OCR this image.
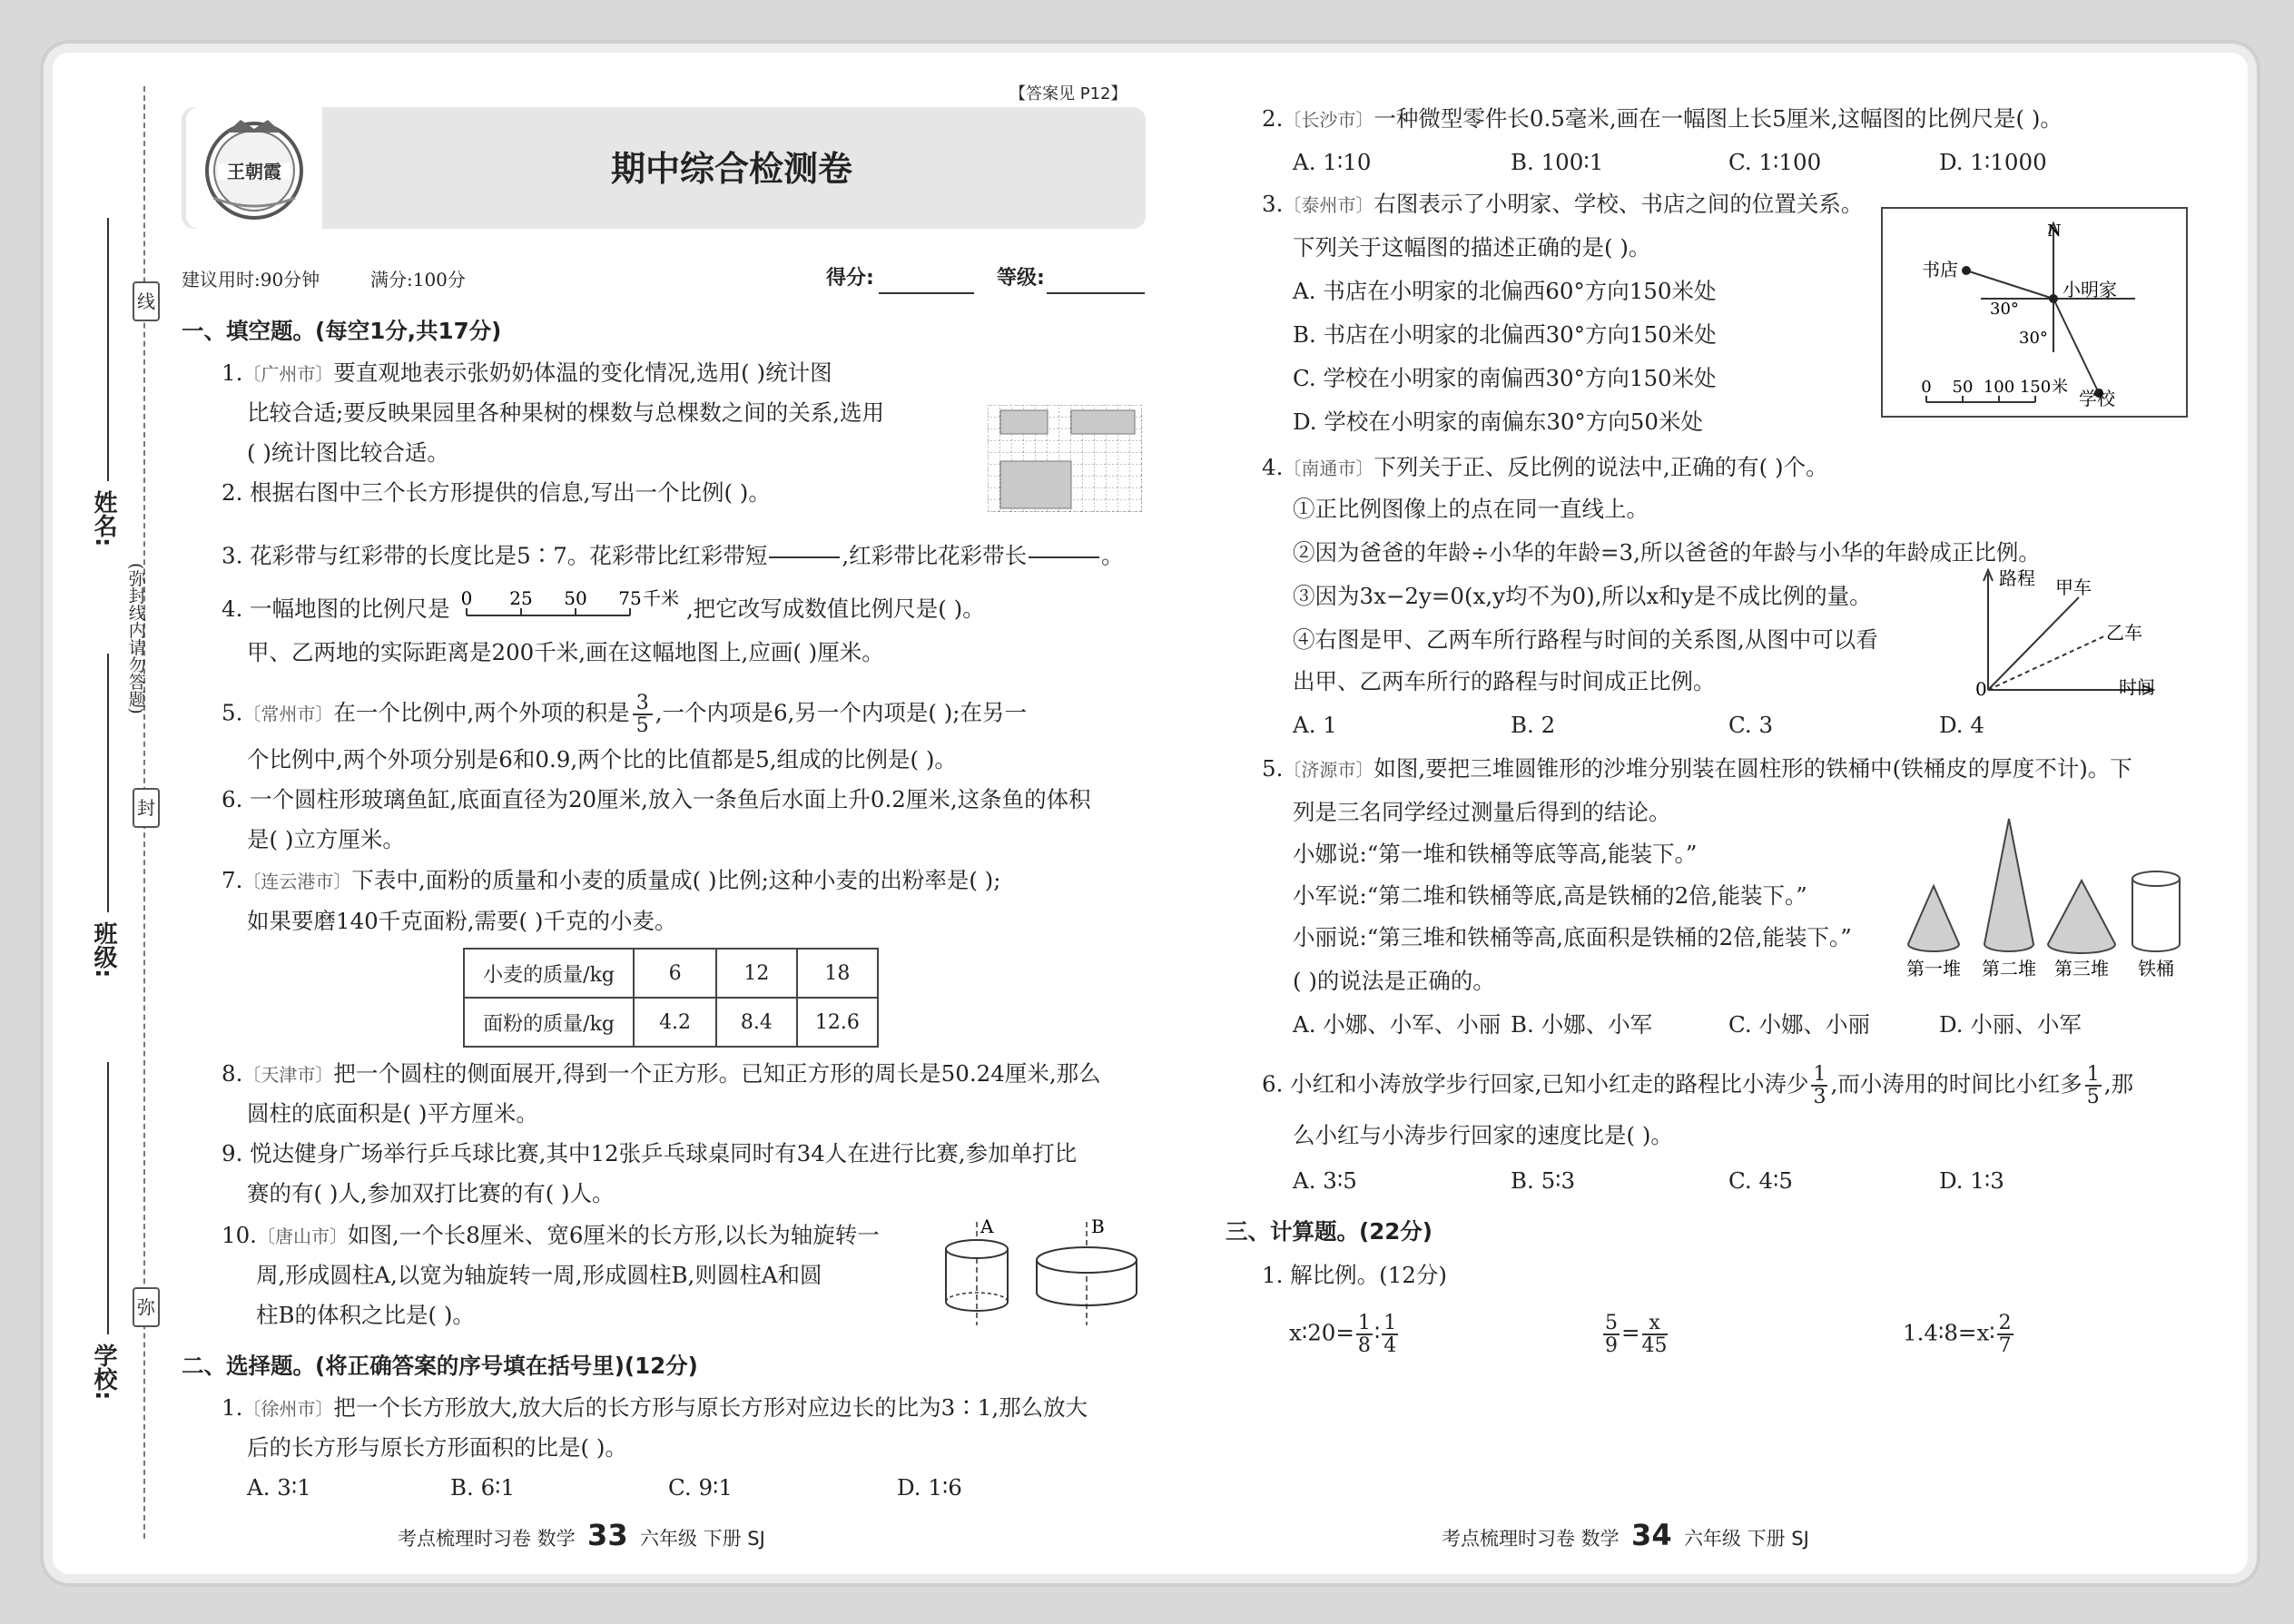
线
封
弥
(弥封线内请勿答题)
姓名:
班级:
学校:
【答案见 P12】
王朝霞	期中综合检测卷
建议用时:90分钟	满分:100分	得分:	等级:
一、填空题。(每空1分,共17分)
1.〔广州市〕要直观地表示张奶奶体温的变化情况,选用( )统计图
比较合适;要反映果园里各种果树的棵数与总棵数之间的关系,选用
( )统计图比较合适。
2. 根据右图中三个长方形提供的信息,写出一个比例( )。
3. 花彩带与红彩带的长度比是5∶7。花彩带比红彩带短

	,红彩带比花彩带长

	。
4. 一幅地图的比例尺是 0 25 50 75 千米 ,把它改写成数值比例尺是( )。
甲、乙两地的实际距离是200千米,画在这幅地图上,应画( )厘米。
5.〔常州市〕在一个比例中,两个外项的积是 $\frac{3}{5}$ ,一个内项是6,另一个内项是( );在另一
个比例中,两个外项分别是6和0.9,两个比的比值都是5,组成的比例是( )。
6. 一个圆柱形玻璃鱼缸,底面直径为20厘米,放入一条鱼后水面上升0.2厘米,这条鱼的体积
是( )立方厘米。
7.〔连云港市〕下表中,面粉的质量和小麦的质量成( )比例;这种小麦的出粉率是( );
如果要磨140千克面粉,需要( )千克的小麦。
小麦的质量/kg	6	12	18
面粉的质量/kg	4.2	8.4	12.6
8.〔天津市〕把一个圆柱的侧面展开,得到一个正方形。已知正方形的周长是50.24厘米,那么
圆柱的底面积是( )平方厘米。
9. 悦达健身广场举行乒乓球比赛,其中12张乒乓球桌同时有34人在进行比赛,参加单打比
赛的有( )人,参加双打比赛的有( )人。
10.〔唐山市〕如图,一个长8厘米、宽6厘米的长方形,以长为轴旋转一
周,形成圆柱A,以宽为轴旋转一周,形成圆柱B,则圆柱A和圆
柱B的体积之比是( )。
A	B
二、选择题。(将正确答案的序号填在括号里)(12分)
1.〔徐州市〕把一个长方形放大,放大后的长方形与原长方形对应边长的比为3∶1,那么放大
后的长方形与原长方形面积的比是( )。
A. 3∶1	B. 6∶1	C. 9∶1	D. 1∶6
考点梳理时习卷 数学 33 六年级 下册 SJ
2.〔长沙市〕一种微型零件长0.5毫米,画在一幅图上长5厘米,这幅图的比例尺是( )。
A. 1∶10	B. 100∶1	C. 1∶100	D. 1∶1000
3.〔泰州市〕右图表示了小明家、学校、书店之间的位置关系。
下列关于这幅图的描述正确的是( )。
A. 书店在小明家的北偏西60°方向150米处
B. 书店在小明家的北偏西30°方向150米处
C. 学校在小明家的南偏西30°方向150米处
D. 学校在小明家的南偏东30°方向50米处
N
书店
小明家
学校
30°
30°
0 50 100 150 米
4.〔南通市〕下列关于正、反比例的说法中,正确的有( )个。
①正比例图像上的点在同一直线上。
②因为爸爸的年龄÷小华的年龄=3,所以爸爸的年龄与小华的年龄成正比例。
③因为3x−2y=0(x,y均不为0),所以x和y是不成比例的量。
④右图是甲、乙两车所行路程与时间的关系图,从图中可以看
出甲、乙两车所行的路程与时间成正比例。
路程
时间
0
甲车
乙车
A. 1	B. 2	C. 3	D. 4
5.〔济源市〕如图,要把三堆圆锥形的沙堆分别装在圆柱形的铁桶中(铁桶皮的厚度不计)。下
列是三名同学经过测量后得到的结论。
小娜说:“第一堆和铁桶等底等高,能装下。”
小军说:“第二堆和铁桶等底,高是铁桶的2倍,能装下。”
小丽说:“第三堆和铁桶等高,底面积是铁桶的2倍,能装下。”
( )的说法是正确的。	第一堆 第二堆 第三堆 铁桶
A. 小娜、小军、小丽 B. 小娜、小军	C. 小娜、小丽	D. 小丽、小军
6. 小红和小涛放学步行回家,已知小红走的路程比小涛少 $\frac{1}{3}$ ,而小涛用的时间比小红多 $\frac{1}{5}$ ,那
么小红与小涛步行回家的速度比是( )。
A. 3∶5	B. 5∶3	C. 4∶5	D. 1∶3
三、计算题。(22分)
1. 解比例。(12分)
x∶20= $\frac{1}{8}$ ∶ $\frac{1}{4}$	$\frac{5}{9} = \frac{x}{45}$	1.4∶8=x∶ $\frac{2}{7}$
考点梳理时习卷 数学 34 六年级 下册 SJ
